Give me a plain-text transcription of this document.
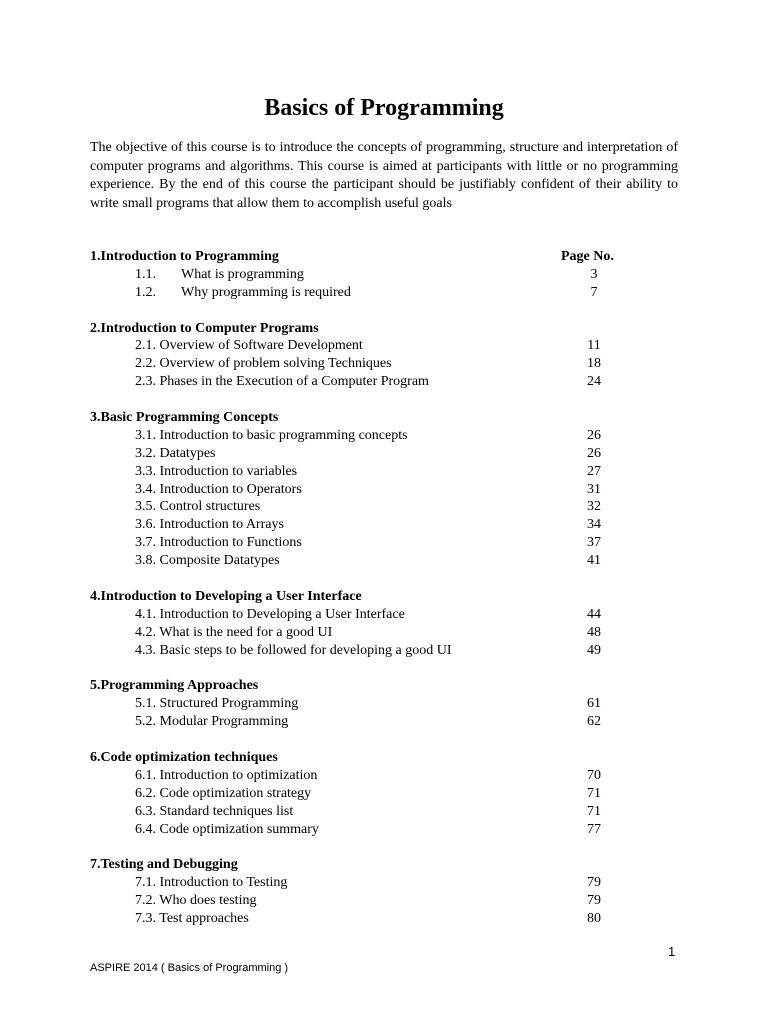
Basics of Programming

The objective of this course is to introduce the concepts of programming, structure and interpretation of computer programs and algorithms. This course is aimed at participants with little or no programming experience. By the end of this course the participant should be justifiably confident of their ability to write small programs that allow them to accomplish useful goals

1.Introduction to Programming	Page No.
1.1. What is programming	3
1.2. Why programming is required	7
2.Introduction to Computer Programs
2.1. Overview of Software Development	11
2.2. Overview of problem solving Techniques	18
2.3. Phases in the Execution of a Computer Program	24
3.Basic Programming Concepts
3.1. Introduction to basic programming concepts	26
3.2. Datatypes	26
3.3. Introduction to variables	27
3.4. Introduction to Operators	31
3.5. Control structures	32
3.6. Introduction to Arrays	34
3.7. Introduction to Functions	37
3.8. Composite Datatypes	41
4.Introduction to Developing a User Interface
4.1. Introduction to Developing a User Interface	44
4.2. What is the need for a good UI	48
4.3. Basic steps to be followed for developing a good UI	49
5.Programming Approaches
5.1. Structured Programming	61
5.2. Modular Programming	62
6.Code optimization techniques
6.1. Introduction to optimization	70
6.2. Code optimization strategy	71
6.3. Standard techniques list	71
6.4. Code optimization summary	77
7.Testing and Debugging
7.1. Introduction to Testing	79
7.2. Who does testing	79
7.3. Test approaches	80
1
ASPIRE 2014 ( Basics of Programming )
